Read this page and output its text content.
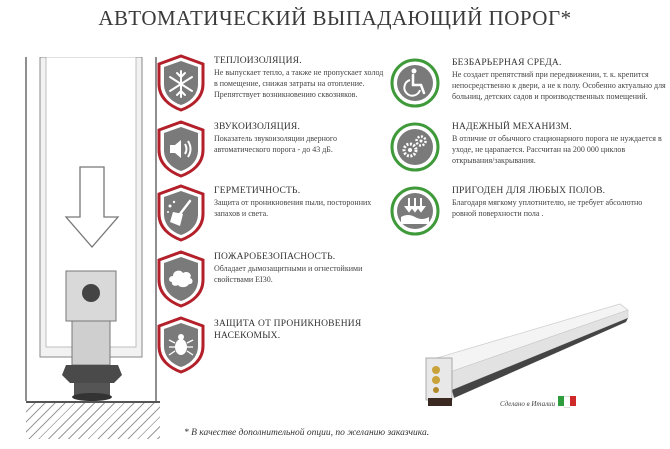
АВТОМАТИЧЕСКИЙ ВЫПАДАЮЩИЙ ПОРОГ*
ТЕПЛОИЗОЛЯЦИЯ.
Не выпускает тепло, а также не пропускает холод в помещение, снижая затраты на отопление. Препятствует возникновению сквозняков.
ЗВУКОИЗОЛЯЦИЯ.
Показатель звукоизоляции дверного автоматического порога - до 43 дБ.
ГЕРМЕТИЧНОСТЬ.
Защита от проникновения пыли, посторонних запахов и света.
ПОЖАРОБЕЗОПАСНОСТЬ.
Обладает дымозащитными и огнестойкими свойствами EI30.
ЗАЩИТА ОТ ПРОНИКНОВЕНИЯ НАСЕКОМЫХ.
БЕЗБАРЬЕРНАЯ СРЕДА.
Не создает препятствий при передвижении, т. к. крепится непосредственно к двери, а не к полу. Особенно актуально для больниц, детских садов и производственных помещений.
НАДЕЖНЫЙ МЕХАНИЗМ.
В отличие от обычного стационарного порога не нуждается в уходе, не царапается. Рассчитан на 200 000 циклов открывания/закрывания.
ПРИГОДЕН ДЛЯ ЛЮБЫХ ПОЛОВ.
Благодаря мягкому уплотнителю, не требует абсолютно ровной поверхности пола .
Сделано в Италии
* В качестве дополнительной опции, по желанию заказчика.
